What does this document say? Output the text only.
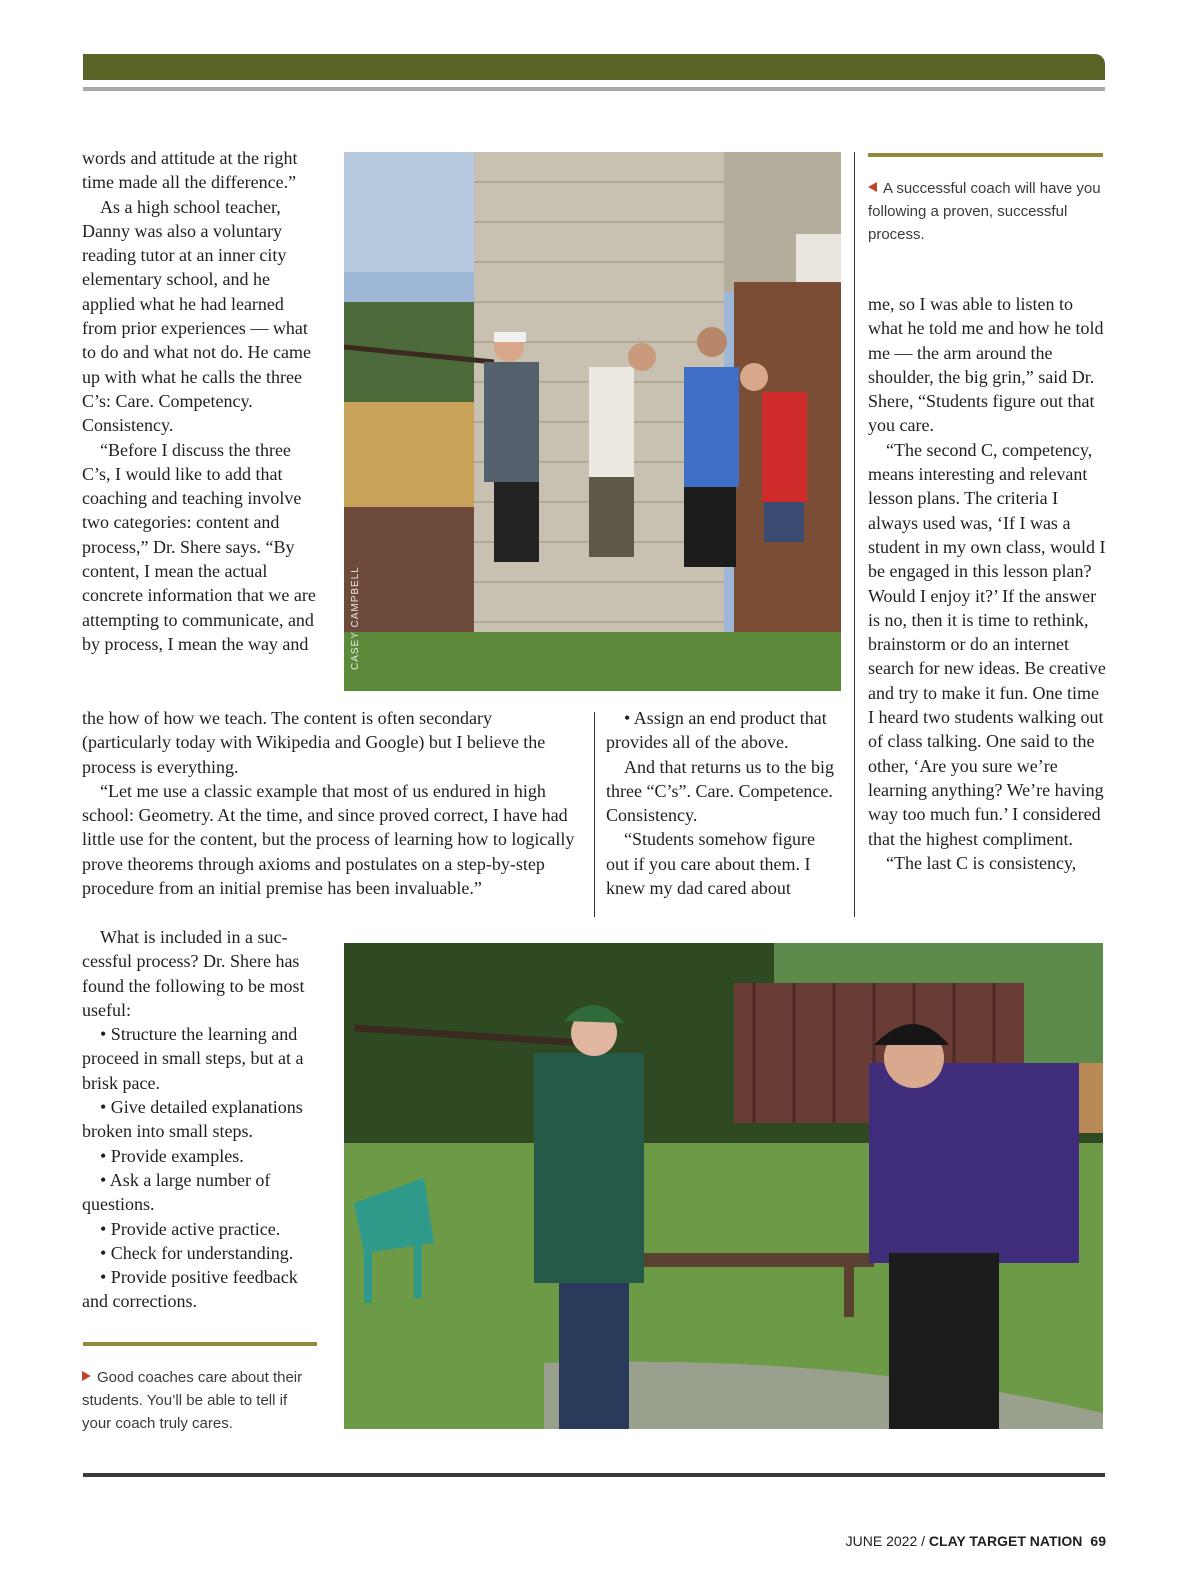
words and attitude at the right time made all the difference.”

As a high school teacher, Danny was also a voluntary reading tutor at an inner city elementary school, and he applied what he had learned from prior experiences — what to do and what not do. He came up with what he calls the three C’s: Care. Competency. Consistency.

“Before I discuss the three C’s, I would like to add that coaching and teaching involve two categories: content and process,” Dr. Shere says. “By content, I mean the actual concrete information that we are attempting to communicate, and by process, I mean the way and	CASEY CAMPBELL
A successful coach will have you following a proven, successful process.

me, so I was able to listen to what he told me and how he told me — the arm around the shoulder, the big grin,” said Dr. Shere, “Students figure out that you care.

“The second C, competency, means interesting and relevant lesson plans. The criteria I always used was, ‘If I was a student in my own class, would I be engaged in this lesson plan? Would I enjoy it?’ If the answer is no, then it is time to rethink, brainstorm or do an internet search for new ideas. Be creative and try to make it fun. One time I heard two students walking out of class talking. One said to the other, ‘Are you sure we’re learning anything? We’re having way too much fun.’ I considered that the highest compliment.

“The last C is consistency,

the how of how we teach. The content is often secondary (particularly today with Wikipedia and Google) but I believe the process is everything.

“Let me use a classic example that most of us endured in high school: Geometry. At the time, and since proved correct, I have had little use for the content, but the process of learning how to logically prove theorems through axioms and postulates on a step-by-step procedure from an initial premise has been invaluable.”

• Assign an end product that provides all of the above.

And that returns us to the big three “C’s”. Care. Competence. Consistency.

“Students somehow figure out if you care about them. I knew my dad cared about

What is included in a successful process? Dr. Shere has found the following to be most useful:

• Structure the learning and proceed in small steps, but at a brisk pace.

• Give detailed explanations broken into small steps.

• Provide examples.

• Ask a large number of questions.

• Provide active practice.

• Check for understanding.

• Provide positive feedback and corrections.

Good coaches care about their students. You’ll be able to tell if your coach truly cares.
JUNE 2022 / CLAY TARGET NATION 69
